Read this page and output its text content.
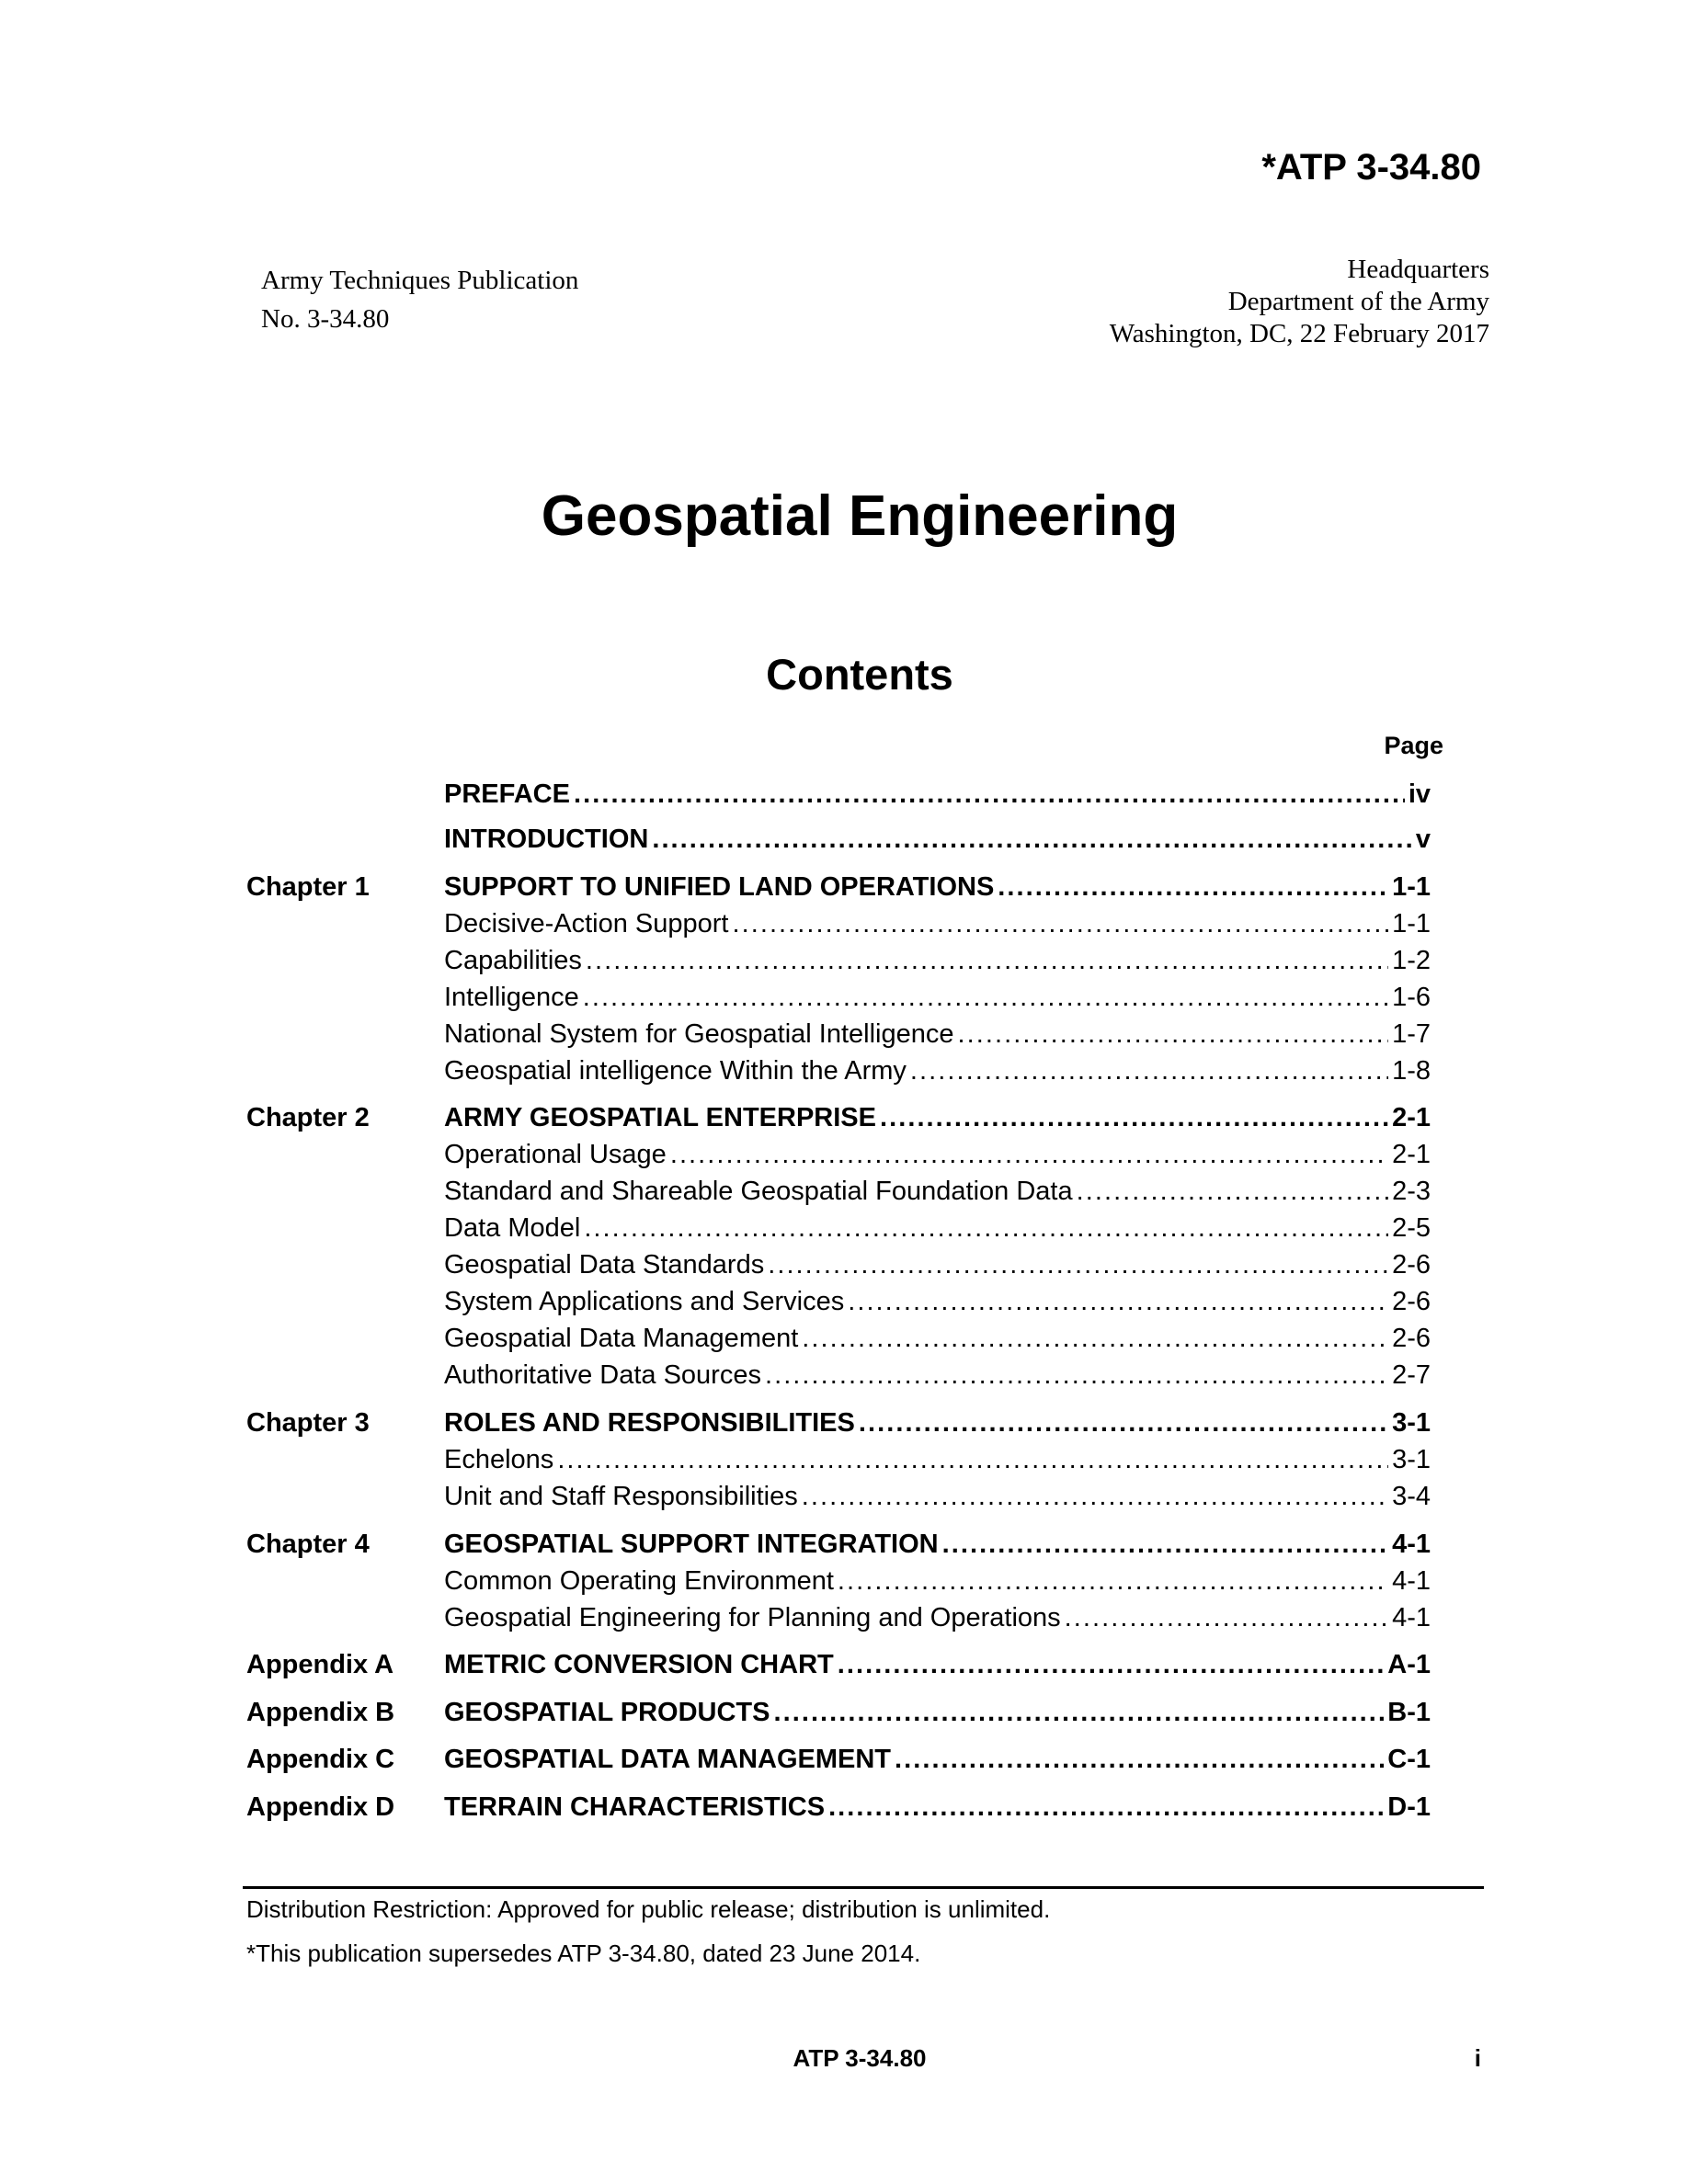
*ATP 3-34.80
Army Techniques Publication
No. 3-34.80
Headquarters
Department of the Army
Washington, DC, 22 February 2017
Geospatial Engineering
Contents
Page
PREFACE . . .	iv
INTRODUCTION . . .	v
Chapter 1	SUPPORT TO UNIFIED LAND OPERATIONS . . .	1-1
Decisive-Action Support . . .	1-1
Capabilities . . .	1-2
Intelligence . . .	1-6
National System for Geospatial Intelligence . . .	1-7
Geospatial intelligence Within the Army . . .	1-8
Chapter 2	ARMY GEOSPATIAL ENTERPRISE . . .	2-1
Operational Usage . . .	2-1
Standard and Shareable Geospatial Foundation Data . . .	2-3
Data Model . . .	2-5
Geospatial Data Standards . . .	2-6
System Applications and Services . . .	2-6
Geospatial Data Management . . .	2-6
Authoritative Data Sources . . .	2-7
Chapter 3	ROLES AND RESPONSIBILITIES . . .	3-1
Echelons . . .	3-1
Unit and Staff Responsibilities . . .	3-4
Chapter 4	GEOSPATIAL SUPPORT INTEGRATION . . .	4-1
Common Operating Environment . . .	4-1
Geospatial Engineering for Planning and Operations . . .	4-1
Appendix A METRIC CONVERSION CHART . . .	A-1
Appendix B GEOSPATIAL PRODUCTS . . .	B-1
Appendix C GEOSPATIAL DATA MANAGEMENT . . .	C-1
Appendix D TERRAIN CHARACTERISTICS . . .	D-1
Distribution Restriction: Approved for public release; distribution is unlimited.
*This publication supersedes ATP 3-34.80, dated 23 June 2014.
ATP 3-34.80	i
